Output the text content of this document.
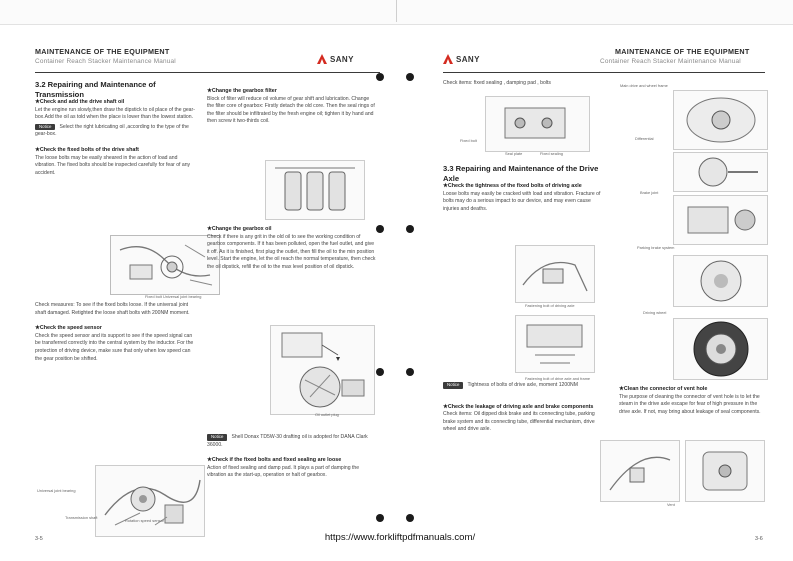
MAINTENANCE OF THE EQUIPMENT
Container Reach Stacker Maintenance Manual	SANY

3.2 Repairing and Maintenance of Transmission

★Check and add the drive shaft oil

Let the engine run slowly,then draw the dipstick to oil place of the gear-box.Add the oil as told when the place is lower than the lowest station.

Notice Select the right lubricating oil ,according to the type of the gear-box.

★Check the fixed bolts of the drive shaft

The loose bolts may be easily sheared in the action of load and vibration. The fixed bolts should be inspected carefully for fear of any accident.

Fixed bolt Universal joint bearing

Check measures: To see if the fixed bolts loose. If the universal joint shaft damaged. Retighted the loose shaft bolts with 200NM moment.

★Check the speed sensor

Check the speed sensor and its support to see if the speed signal can be transferred correctly into the central system by the inductor. For the protection of driving device, make sure that only when low speed can the gear position be shifted.

Universal joint bearing
Transmission shaft
Rotation speed sensor

★Change the gearbox filter

Block of filter will reduce oil volume of gear shift and lubrication. Change the filter core of gearbox: Firstly detach the old core. Then the seal rings of the filter should be infiltrated by the fresh engine oil; tighten it by hand and then screw it two-thirds coil.

★Change the gearbox oil

Check if there is any grit in the old oil to see the working condition of gearbox components. If it has been polluted, open the fuel outlet, and give it off. As it is finished, first plug the outlet, then fill the oil to the min position level. Start the engine, let the oil reach the normal temperature, then check the oil dipstick, refill the oil to the max level position of oil dipstick.

Oil outlet plug

Notice Shell Donax TD5W-30 drafting oil is adopted for DANA Clark 36000.

★Check if the fixed bolts and fixed sealing are loose

Action of fixed sealing and damp pad. It plays a part of damping the vibration as the start-up, operation or halt of gearbox.

3-5
SANY
MAINTENANCE OF THE EQUIPMENT
Container Reach Stacker Maintenance Manual

Check items: fixed sealing , damping pad , bolts

Fixed bolt
Seal plate	Fixed sealing

3.3 Repairing and Maintenance of the Drive Axle

★Check the tightness of the fixed bolts of driving axle

Loose bolts may easily be cracked with load and vibration. Fracture of bolts may do a serious impact to our device, and may even cause injuries and deaths.

Fastening bolt of driving axle
Fastening bolt of drive axle and frame

Notice Tightness of bolts of drive axle, moment 1200NM

★Check the leakage of driving axle and brake components

Check items: Oil dipped disk brake and its connecting tube, parking brake system and its connecting tube, differential mechanism, drive wheel and drive axle.

Main drive and wheel frame
Differential
Brake joint
Parking brake system
Driving wheel

★Clean the connector of vent hole

The purpose of cleaning the connector of vent hole is to let the steam in the drive axle escape for fear of high pressure in the drive axle. If not, may bring about leakage of seal components.

Vent
3-6
https://www.forkliftpdfmanuals.com/
